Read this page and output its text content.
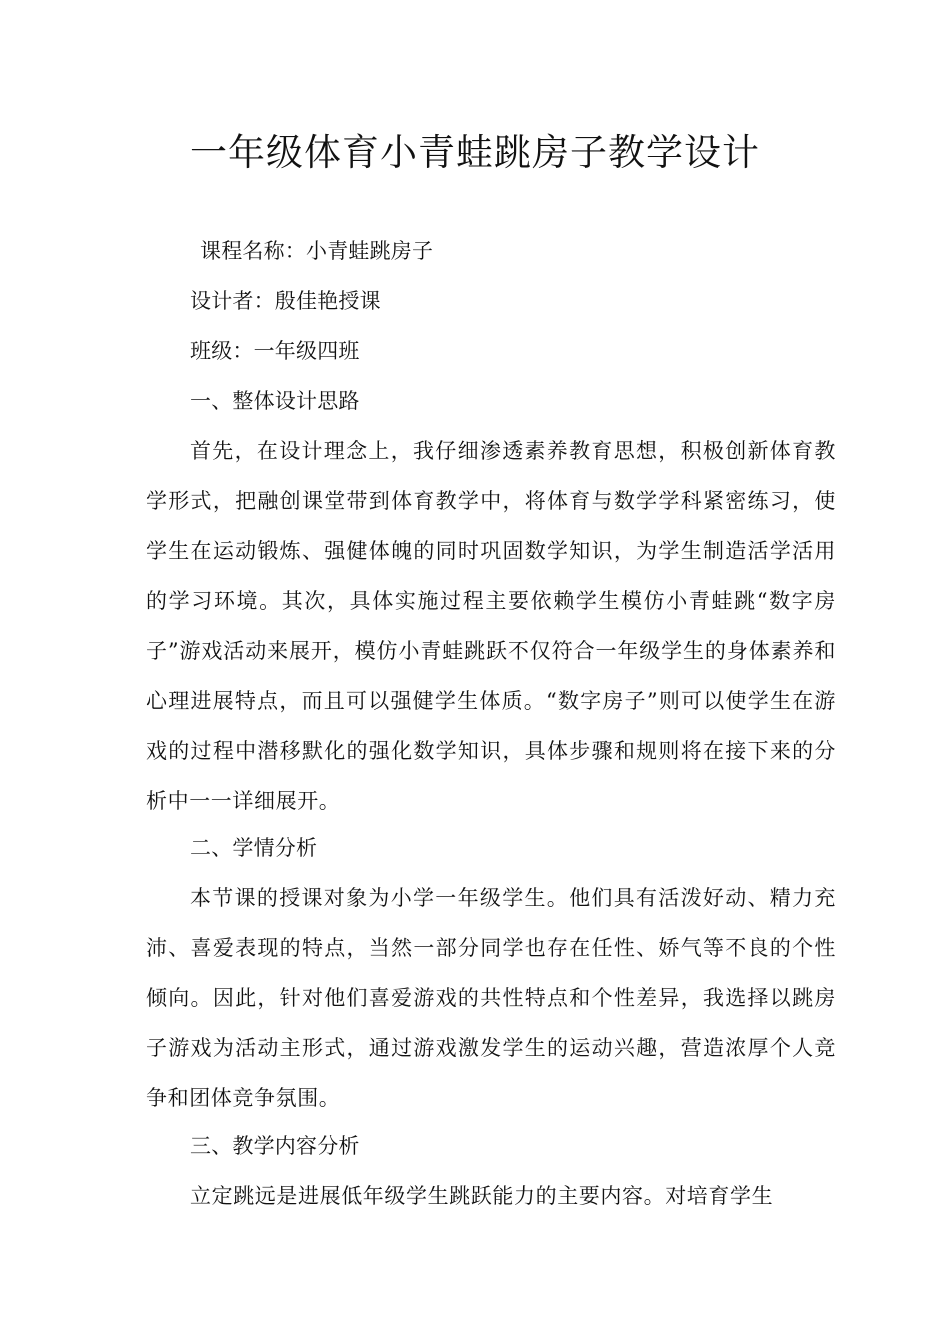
一年级体育小青蛙跳房子教学设计
课程名称：小青蛙跳房子
设计者：殷佳艳授课
班级：一年级四班
一、整体设计思路
首先，在设计理念上，我仔细渗透素养教育思想，积极创新体育教学形式，把融创课堂带到体育教学中，将体育与数学学科紧密练习，使学生在运动锻炼、强健体魄的同时巩固数学知识，为学生制造活学活用的学习环境。其次，具体实施过程主要依赖学生模仿小青蛙跳“数字房子”游戏活动来展开，模仿小青蛙跳跃不仅符合一年级学生的身体素养和心理进展特点，而且可以强健学生体质。“数字房子”则可以使学生在游戏的过程中潜移默化的强化数学知识，具体步骤和规则将在接下来的分析中一一详细展开。
二、学情分析
本节课的授课对象为小学一年级学生。他们具有活泼好动、精力充沛、喜爱表现的特点，当然一部分同学也存在任性、娇气等不良的个性倾向。因此，针对他们喜爱游戏的共性特点和个性差异，我选择以跳房子游戏为活动主形式，通过游戏激发学生的运动兴趣，营造浓厚个人竞争和团体竞争氛围。
三、教学内容分析
立定跳远是进展低年级学生跳跃能力的主要内容。对培育学生
